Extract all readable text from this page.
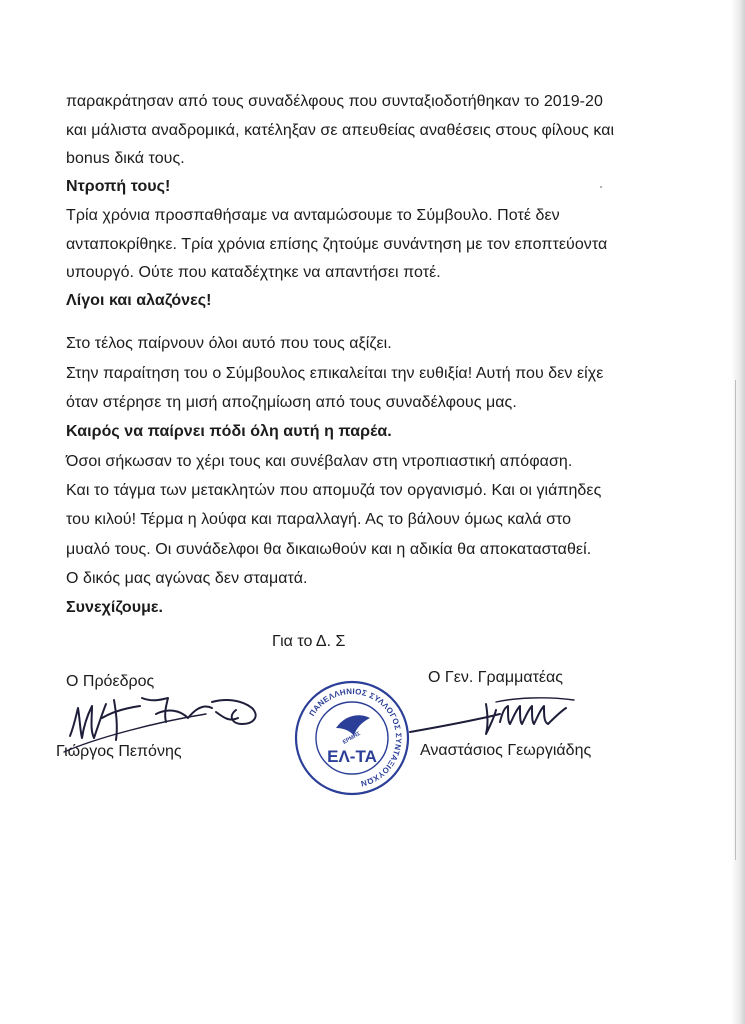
παρακράτησαν από τους συναδέλφους που συνταξιοδοτήθηκαν το 2019-20
και μάλιστα αναδρομικά, κατέληξαν σε απευθείας αναθέσεις στους φίλους και
bonus δικά τους.
Ντροπή τους!
Τρία χρόνια προσπαθήσαμε να ανταμώσουμε το Σύμβουλο. Ποτέ δεν
ανταποκρίθηκε. Τρία χρόνια επίσης ζητούμε συνάντηση με τον εποπτεύοντα
υπουργό. Ούτε που καταδέχτηκε να απαντήσει ποτέ.
Λίγοι και αλαζόνες!
Στο τέλος παίρνουν όλοι αυτό που τους αξίζει.
Στην παραίτηση του ο Σύμβουλος επικαλείται την ευθιξία! Αυτή που δεν είχε
όταν στέρησε τη μισή αποζημίωση από τους συναδέλφους μας.
Καιρός να παίρνει πόδι όλη αυτή η παρέα.
Όσοι σήκωσαν το χέρι τους και συνέβαλαν στη ντροπιαστική απόφαση.
Και το τάγμα των μετακλητών που απομυζά τον οργανισμό. Και οι γιάπηδες
του κιλού! Τέρμα η λούφα και παραλλαγή. Ας το βάλουν όμως καλά στο
μυαλό τους. Οι συνάδελφοι θα δικαιωθούν και η αδικία θα αποκατασταθεί.
Ο δικός μας αγώνας δεν σταματά.
Συνεχίζουμε.
Για το Δ. Σ
Ο Πρόεδρος
Γιώργος Πεπόνης
Ο Γεν. Γραμματέας
Αναστάσιος Γεωργιάδης
ΠΑΝΕΛΛΗΝΙΟΣ ΣΥΛΛΟΓΟΣ ΣΥΝΤΑΞΙΟΥΧΩΝ
ΕΡΜΗΣ
ΕΛ-ΤΑ
